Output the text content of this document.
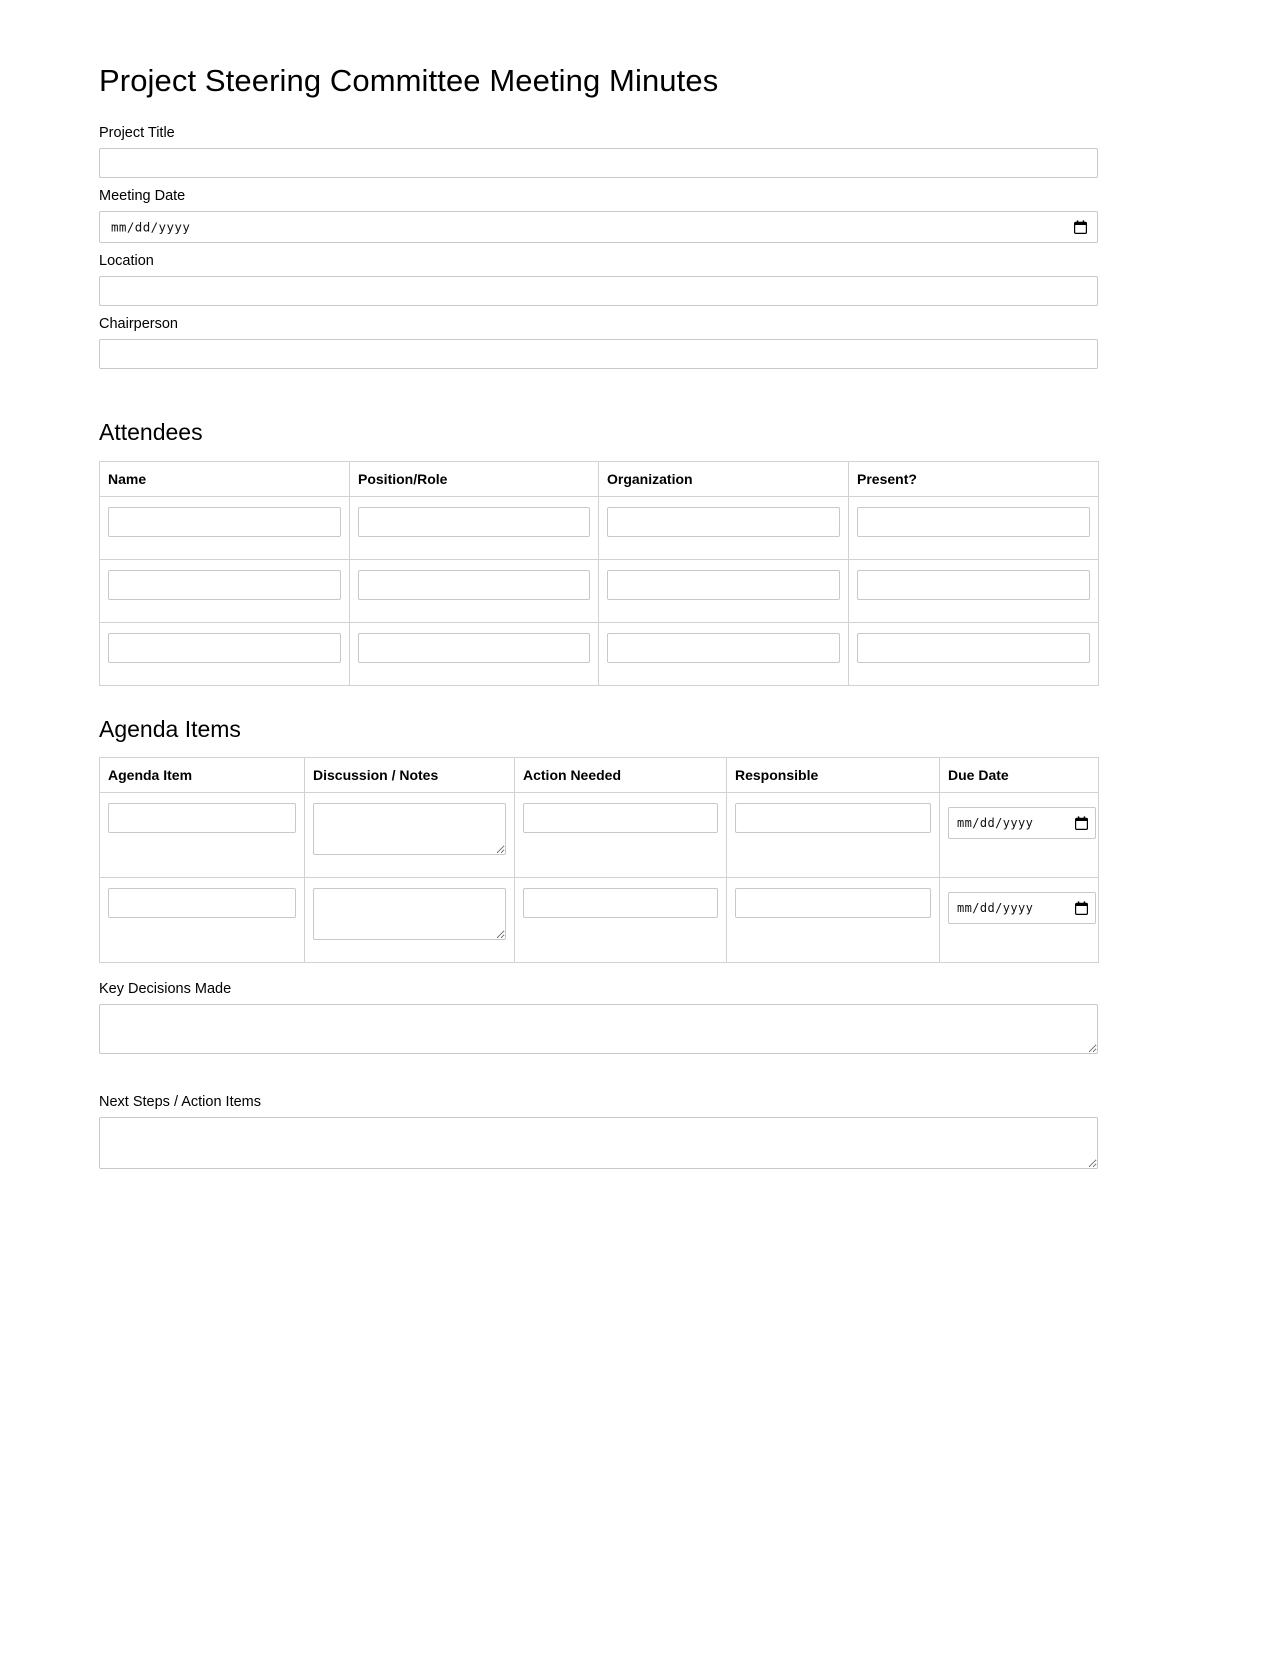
Project Steering Committee Meeting Minutes
Project Title
Meeting Date
mm/dd/yyyy
Location
Chairperson
Attendees
Name	Position/Role	Organization	Present?

Agenda Items
Agenda Item	Discussion / Notes	Action Needed	Responsible	Due Date

mm/dd/yyyy

mm/dd/yyyy
Key Decisions Made
Next Steps / Action Items
